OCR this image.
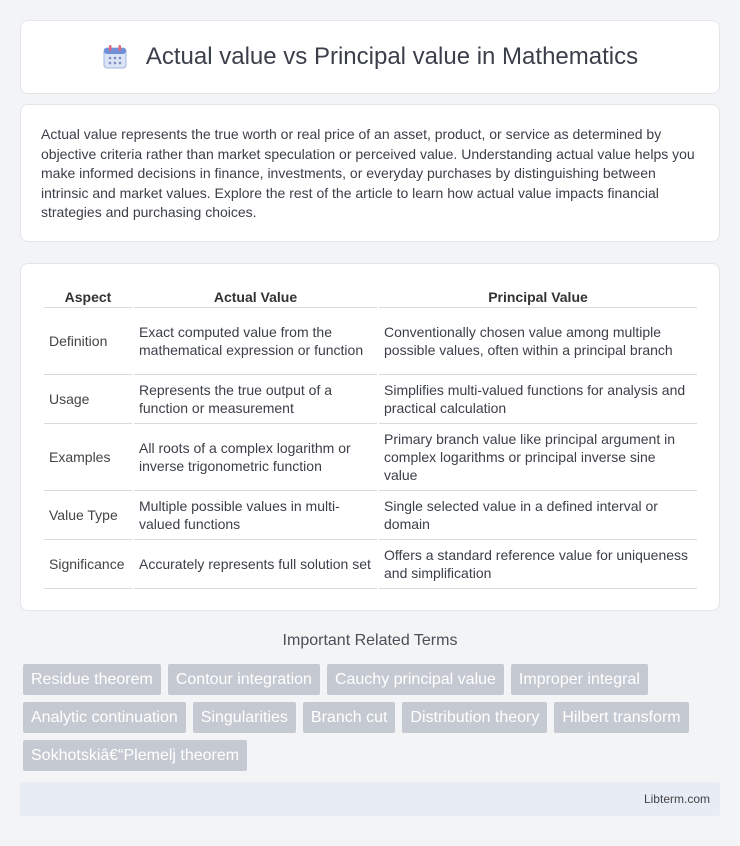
Actual value vs Principal value in Mathematics

Actual value represents the true worth or real price of an asset, product, or service as determined by objective criteria rather than market speculation or perceived value. Understanding actual value helps you make informed decisions in finance, investments, or everyday purchases by distinguishing between intrinsic and market values. Explore the rest of the article to learn how actual value impacts financial strategies and purchasing choices.

Aspect	Actual Value	Principal Value
Definition	Exact computed value from the mathematical expression or function	Conventionally chosen value among multiple possible values, often within a principal branch
Usage	Represents the true output of a function or measurement	Simplifies multi-valued functions for analysis and practical calculation
Examples	All roots of a complex logarithm or inverse trigonometric function	Primary branch value like principal argument in complex logarithms or principal inverse sine value
Value Type	Multiple possible values in multi-valued functions	Single selected value in a defined interval or domain
Significance	Accurately represents full solution set	Offers a standard reference value for uniqueness and simplification
Important Related Terms
Residue theorem	Contour integration	Cauchy principal value	Improper integral
Analytic continuation	Singularities	Branch cut	Distribution theory	Hilbert transform
Sokhotskiâ€“Plemelj theorem
Libterm.com
